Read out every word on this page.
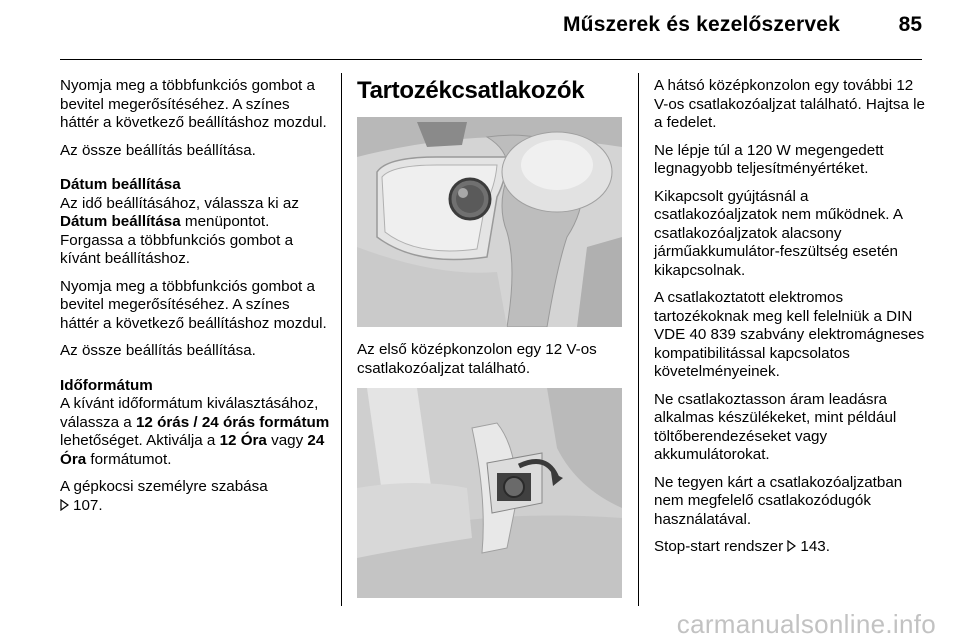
Műszerek és kezelőszervek	85

Nyomja meg a többfunkciós gombot a bevitel megerősítéséhez. A színes háttér a következő beállításhoz mozdul.

Az össze beállítás beállítása.

Dátum beállítása
Az idő beállításához, válassza ki az Dátum beállítása menüpontot. Forgassa a többfunkciós gombot a kívánt beállításhoz.

Nyomja meg a többfunkciós gombot a bevitel megerősítéséhez. A színes háttér a következő beállításhoz mozdul.

Az össze beállítás beállítása.

Időformátum
A kívánt időformátum kiválasztásához, válassza a 12 órás / 24 órás formátum lehetőséget. Aktiválja a 12 Óra vagy 24 Óra formátumot.

A gépkocsi személyre szabása
107.

Tartozékcsatlakozók

Az első középkonzolon egy 12 V-os csatlakozóaljzat található.

A hátsó középkonzolon egy további 12 V-os csatlakozóaljzat található. Hajtsa le a fedelet.

Ne lépje túl a 120 W megengedett legnagyobb teljesítményértéket.

Kikapcsolt gyújtásnál a csatlakozóaljzatok nem működnek. A csatlakozóaljzatok alacsony járműakkumulátor-feszültség esetén kikapcsolnak.

A csatlakoztatott elektromos tartozékoknak meg kell felelniük a DIN VDE 40 839 szabvány elektromágneses kompatibilitással kapcsolatos követelményeinek.

Ne csatlakoztasson áram leadásra alkalmas készülékeket, mint például töltőberendezéseket vagy akkumulátorokat.

Ne tegyen kárt a csatlakozóaljzatban nem megfelelő csatlakozódugók használatával.

Stop-start rendszer 143.

carmanualsonline.info
